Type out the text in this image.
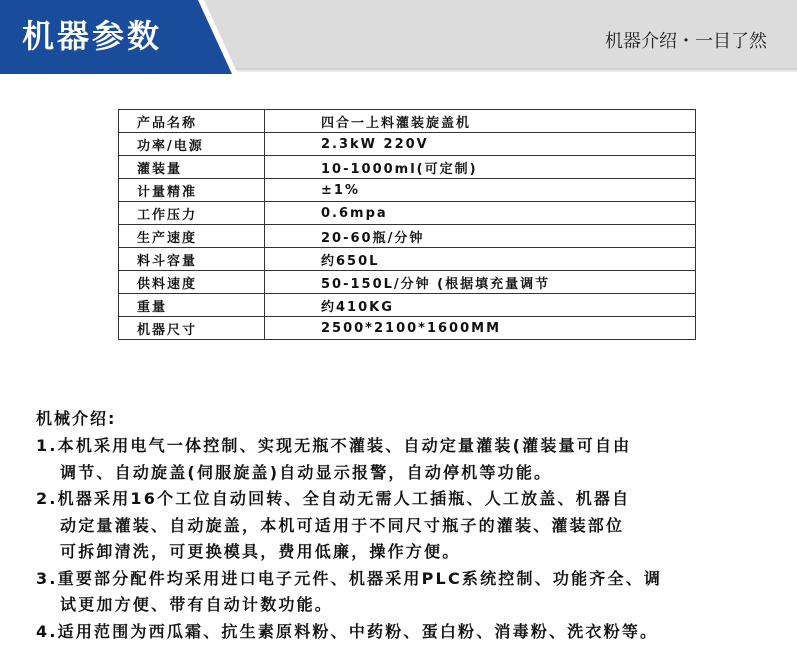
机器参数	机器介绍・一目了然
产品名称	四合一上料灌装旋盖机
功率/电源	2.3kW 220V
灌装量	10-1000ml(可定制)
计量精准	±1%
工作压力	0.6mpa
生产速度	20-60瓶/分钟
料斗容量	约650L
供料速度	50-150L/分钟 (根据填充量调节
重量	约410KG
机器尺寸	2500*2100*1600MM
机械介绍:
1.本机采用电气一体控制、实现无瓶不灌装、自动定量灌装(灌装量可自由
调节、自动旋盖(伺服旋盖)自动显示报警，自动停机等功能。
2.机器采用16个工位自动回转、全自动无需人工插瓶、人工放盖、机器自
动定量灌装、自动旋盖，本机可适用于不同尺寸瓶子的灌装、灌装部位
可拆卸清洗，可更换模具，费用低廉，操作方便。
3.重要部分配件均采用进口电子元件、机器采用PLC系统控制、功能齐全、调
试更加方便、带有自动计数功能。
4.适用范围为西瓜霜、抗生素原料粉、中药粉、蛋白粉、消毒粉、洗衣粉等。
